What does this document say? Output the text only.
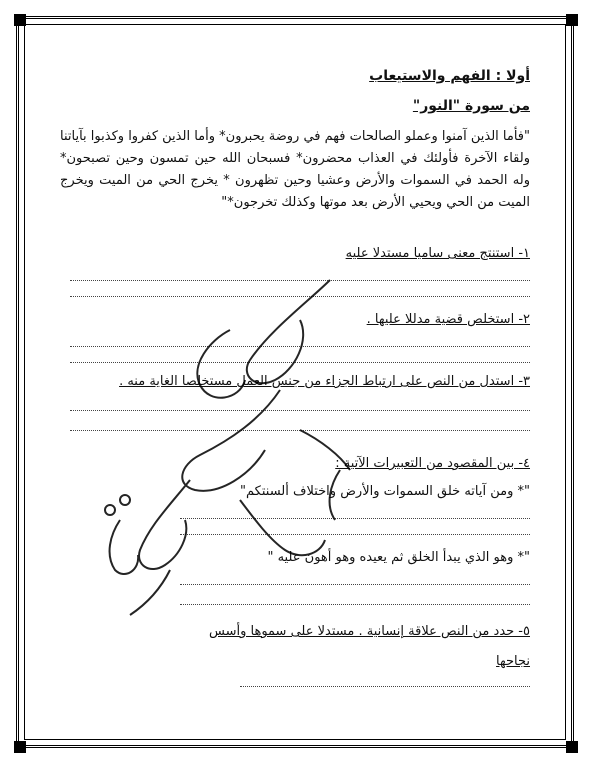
أولا : الفهم والاستيعاب
من سورة "النور"
"فأما الذين آمنوا وعملو الصالحات فهم في روضة يحبرون* وأما الذين كفروا وكذبوا بآياتنا ولقاء الآخرة فأولئك في العذاب محضرون* فسبحان الله حين تمسون وحين تصبحون* وله الحمد في السموات والأرض وعشيا وحين تظهرون * يخرج الحي من الميت ويخرج الميت من الحي ويحيي الأرض بعد موتها وكذلك تخرجون*"
١- استنتج معنى ساميا مستدلا عليه
٢- استخلص قضية مدللا عليها .
٣- استدل من النص على ارتباط الجزاء من جنس العمل مستخلصا الغاية منه .
٤- بين المقصود من التعبيرات الآتية :
"* ومن آياته خلق السموات والأرض واختلاف ألسنتكم"
"* وهو الذي يبدأ الخلق ثم يعيده وهو أهون عليه "
٥- حدد من النص علاقة إنسانية . مستدلا على سموها وأسس
نجاحها
